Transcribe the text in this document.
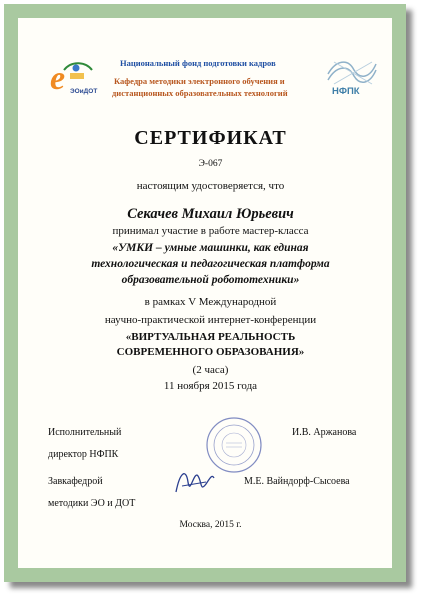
Национальный фонд подготовки кадров
Кафедра методики электронного обучения и
дистанционных образовательных технологий
e ЭОиДОТ	НФПК
СЕРТИФИКАТ
Э-067
настоящим удостоверяется, что
Секачев Михаил Юрьевич
принимал участие в работе мастер-класса
«УМКИ – умные машинки, как единая
технологическая и педагогическая платформа
образовательной робототехники»
в рамках V Международной
научно-практической интернет-конференции
«ВИРТУАЛЬНАЯ РЕАЛЬНОСТЬ
СОВРЕМЕННОГО ОБРАЗОВАНИЯ»
(2 часа)
11 ноября 2015 года
Исполнительный
директор НФПК
И.В. Аржанова
Завкафедрой
методики ЭО и ДОТ
М.Е. Вайндорф-Сысоева
Москва, 2015 г.
